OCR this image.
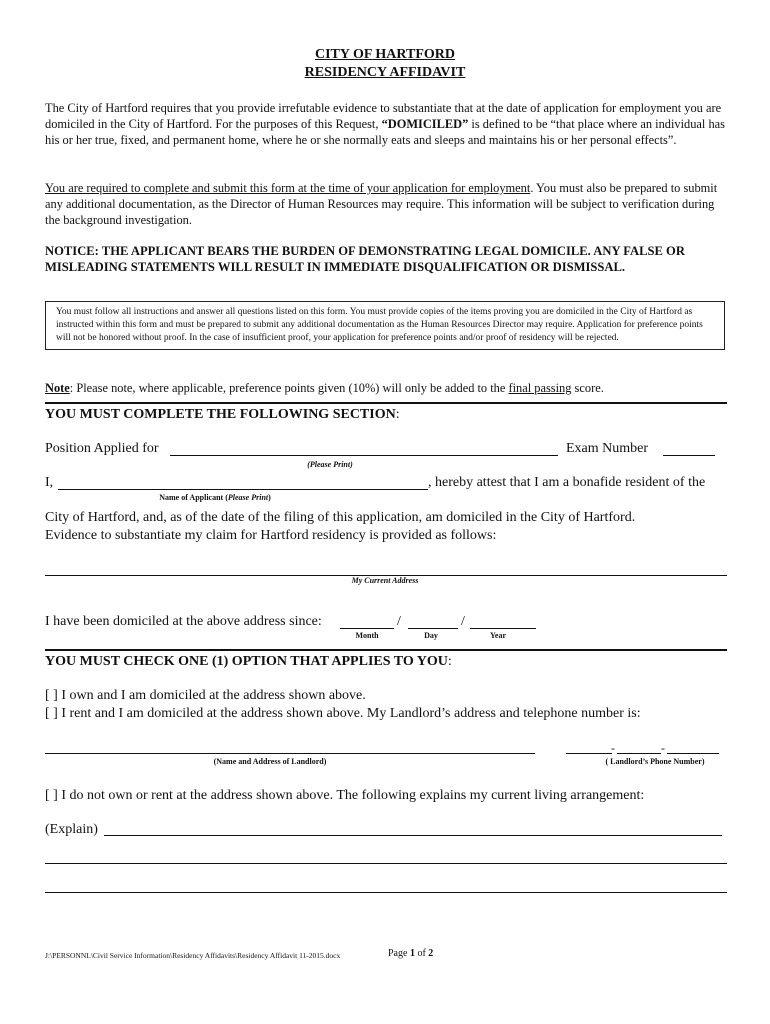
CITY OF HARTFORD
RESIDENCY AFFIDAVIT
The City of Hartford requires that you provide irrefutable evidence to substantiate that at the date of application for employment you are domiciled in the City of Hartford. For the purposes of this Request, “DOMICILED” is defined to be “that place where an individual has his or her true, fixed, and permanent home, where he or she normally eats and sleeps and maintains his or her personal effects”.
You are required to complete and submit this form at the time of your application for employment. You must also be prepared to submit any additional documentation, as the Director of Human Resources may require. This information will be subject to verification during the background investigation.
NOTICE: THE APPLICANT BEARS THE BURDEN OF DEMONSTRATING LEGAL DOMICILE. ANY FALSE OR MISLEADING STATEMENTS WILL RESULT IN IMMEDIATE DISQUALIFICATION OR DISMISSAL.
You must follow all instructions and answer all questions listed on this form. You must provide copies of the items proving you are domiciled in the City of Hartford as instructed within this form and must be prepared to submit any additional documentation as the Human Resources Director may require. Application for preference points will not be honored without proof. In the case of insufficient proof, your application for preference points and/or proof of residency will be rejected.
Note: Please note, where applicable, preference points given (10%) will only be added to the final passing score.
YOU MUST COMPLETE THE FOLLOWING SECTION:
Position Applied for	Exam Number
(Please Print)
I,	, hereby attest that I am a bonafide resident of the
Name of Applicant (Please Print)
City of Hartford, and, as of the date of the filing of this application, am domiciled in the City of Hartford.
Evidence to substantiate my claim for Hartford residency is provided as follows:
My Current Address
I have been domiciled at the above address since:	/	/
Month	Day	Year
YOU MUST CHECK ONE (1) OPTION THAT APPLIES TO YOU:
[ ] I own and I am domiciled at the address shown above.
[ ] I rent and I am domiciled at the address shown above. My Landlord’s address and telephone number is:
-	-
(Name and Address of Landlord)	( Landlord’s Phone Number)
[ ] I do not own or rent at the address shown above. The following explains my current living arrangement:
(Explain)
J:\PERSONNL\Civil Service Information\Residency Affidavits\Residency Affidavit 11-2015.docx	Page 1 of 2
